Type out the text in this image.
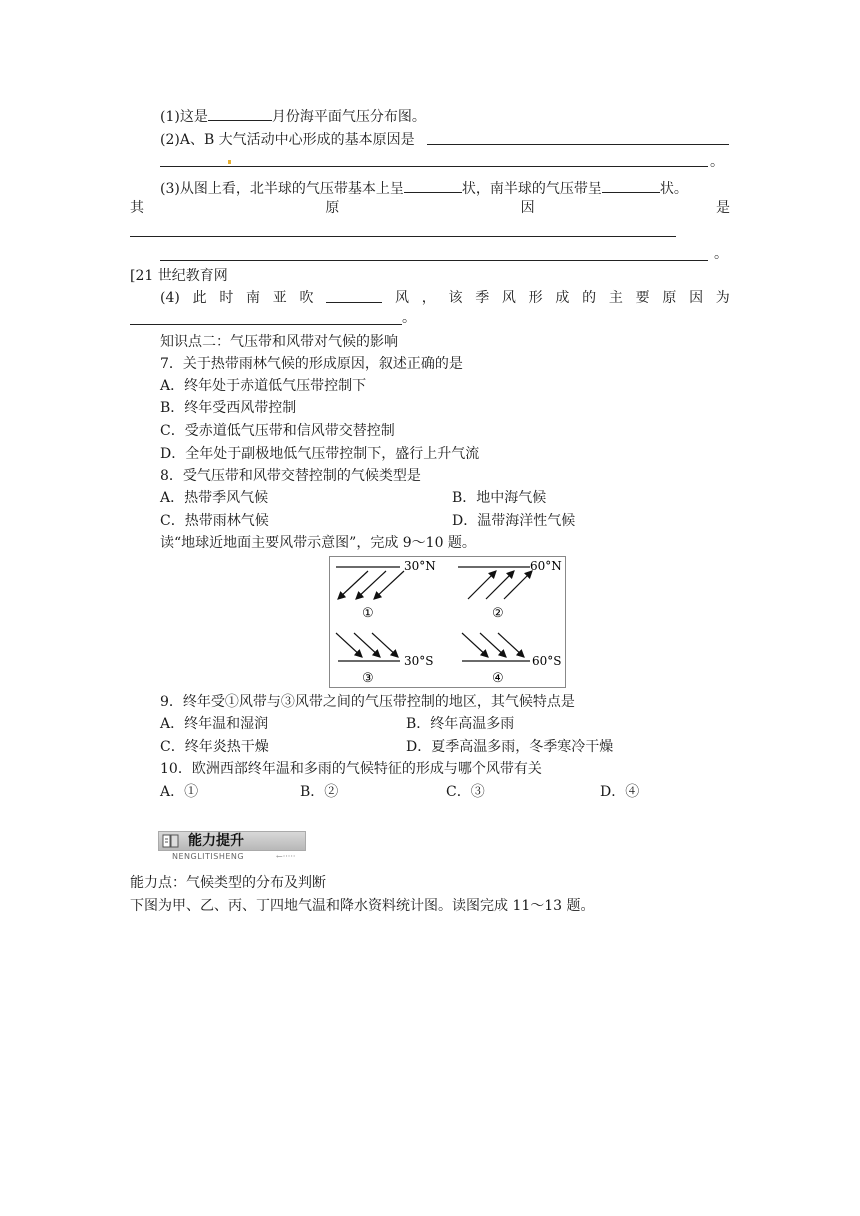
(1)这是	月份海平面气压分布图。
(2)A、B 大气活动中心形成的基本原因是
。
(3)从图上看，北半球的气压带基本上呈	状，南半球的气压带呈	状。
其	原	因	是
。
[21 世纪教育网
(4) 此 时 南 亚 吹	风 ， 该 季 风 形 成 的 主 要 原 因 为
。
知识点二：气压带和风带对气候的影响
7．关于热带雨林气候的形成原因，叙述正确的是
A．终年处于赤道低气压带控制下
B．终年受西风带控制
C．受赤道低气压带和信风带交替控制
D．全年处于副极地低气压带控制下，盛行上升气流
8．受气压带和风带交替控制的气候类型是
A．热带季风气候	B．地中海气候
C．热带雨林气候	D．温带海洋性气候
读“地球近地面主要风带示意图”，完成 9～10 题。
30°N
①
60°N
②
30°S
③
60°S
④
9．终年受①风带与③风带之间的气压带控制的地区，其气候特点是
A．终年温和湿润	B．终年高温多雨
C．终年炎热干燥	D．夏季高温多雨，冬季寒冷干燥
10．欧洲西部终年温和多雨的气候特征的形成与哪个风带有关
A．①	B．②	C．③	D．④
能力提升
NENGLITISHENG	←·····
能力点：气候类型的分布及判断
下图为甲、乙、丙、丁四地气温和降水资料统计图。读图完成 11～13 题。
